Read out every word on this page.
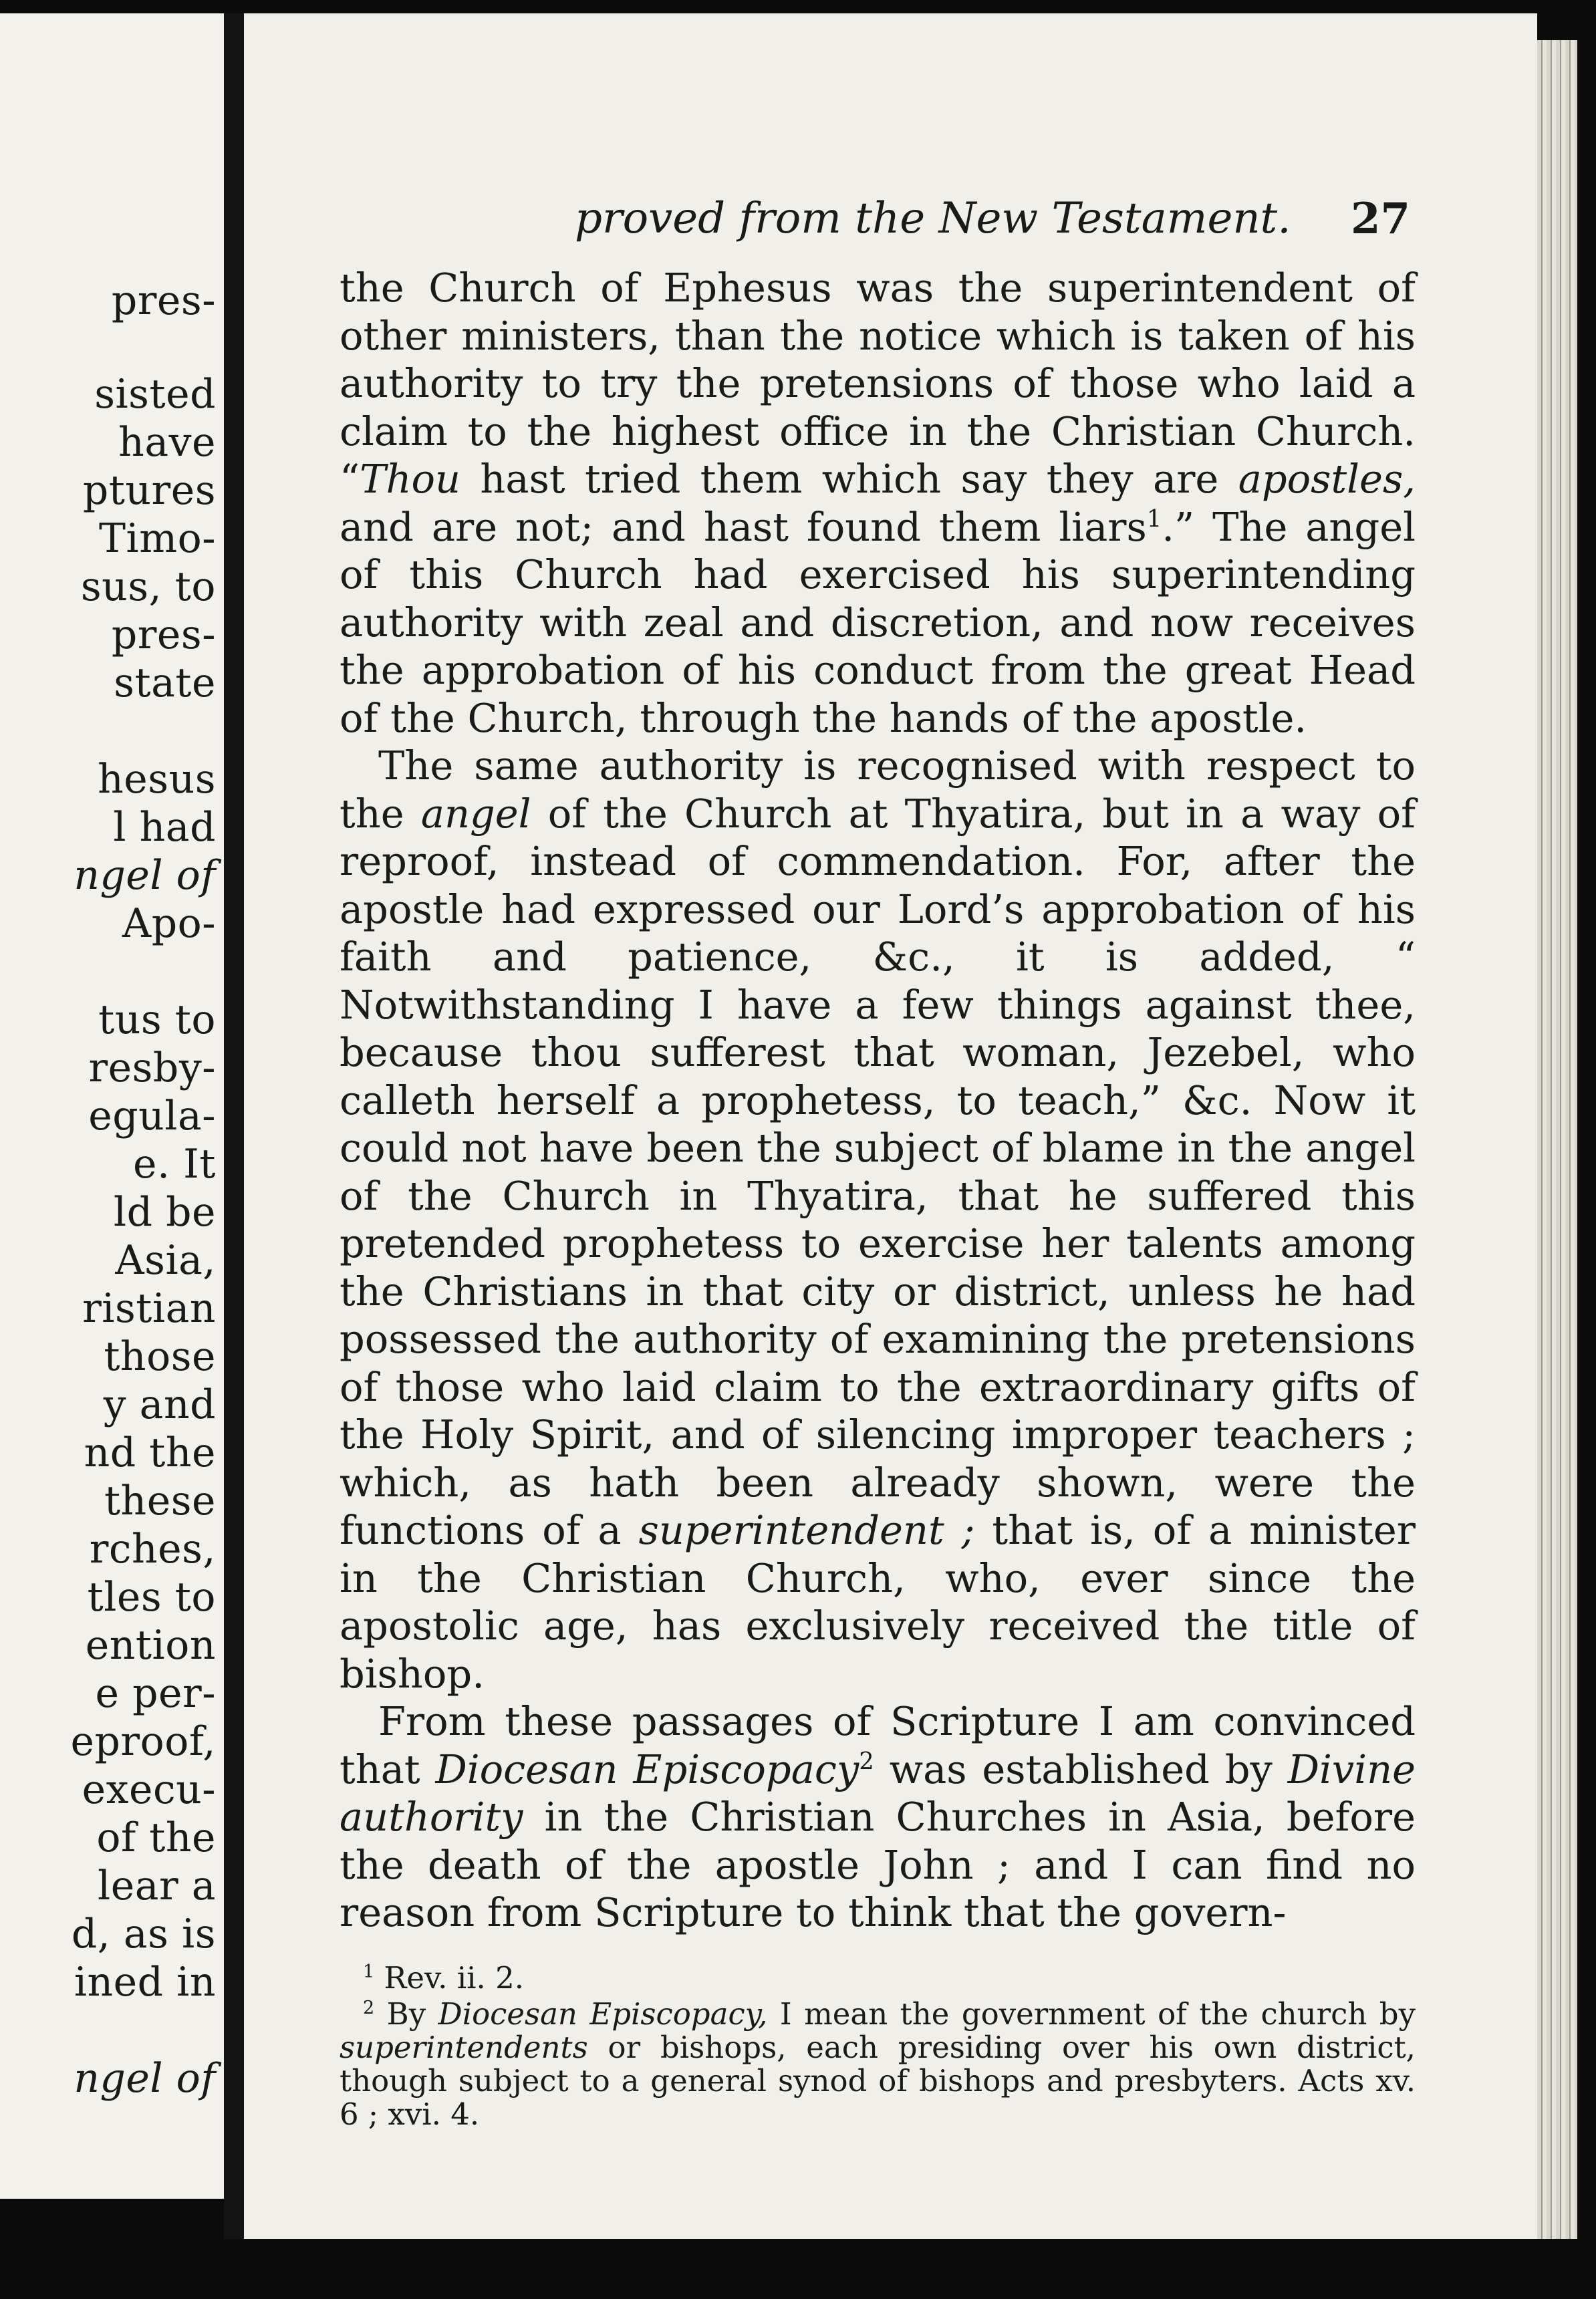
pres-
sisted
have
ptures
Timo-
sus, to
pres-
state
hesus
l had
ngel of
Apo-
tus to
resby-
egula-
e. It
ld be
Asia,
ristian
those
y and
nd the
these
rches,
tles to
ention
e per-
eproof,
execu-
of the
lear a
d, as is
ined in
ngel of
proved from the New Testament. 27

the Church of Ephesus was the superintendent of other ministers, than the notice which is taken of his authority to try the pretensions of those who laid a claim to the highest office in the Christian Church. “Thou hast tried them which say they are apostles, and are not; and hast found them liars$^1$.” The angel of this Church had exercised his superintending authority with zeal and discretion, and now receives the approbation of his conduct from the great Head of the Church, through the hands of the apostle.

The same authority is recognised with respect to the angel of the Church at Thyatira, but in a way of reproof, instead of commendation. For, after the apostle had expressed our Lord’s approbation of his faith and patience, &c., it is added, “ Notwithstanding I have a few things against thee, because thou sufferest that woman, Jezebel, who calleth herself a prophetess, to teach,” &c. Now it could not have been the subject of blame in the angel of the Church in Thyatira, that he suffered this pretended prophetess to exercise her talents among the Christians in that city or district, unless he had possessed the authority of examining the pretensions of those who laid claim to the extraordinary gifts of the Holy Spirit, and of silencing improper teachers ; which, as hath been already shown, were the functions of a superintendent ; that is, of a minister in the Christian Church, who, ever since the apostolic age, has exclusively received the title of bishop.

From these passages of Scripture I am convinced that Diocesan Episcopacy$^2$ was established by Divine authority in the Christian Churches in Asia, before the death of the apostle John ; and I can find no reason from Scripture to think that the govern-

$^1$ Rev. ii. 2.

$^2$ By Diocesan Episcopacy, I mean the government of the church by superintendents or bishops, each presiding over his own district, though subject to a general synod of bishops and presbyters. Acts xv. 6 ; xvi. 4.
